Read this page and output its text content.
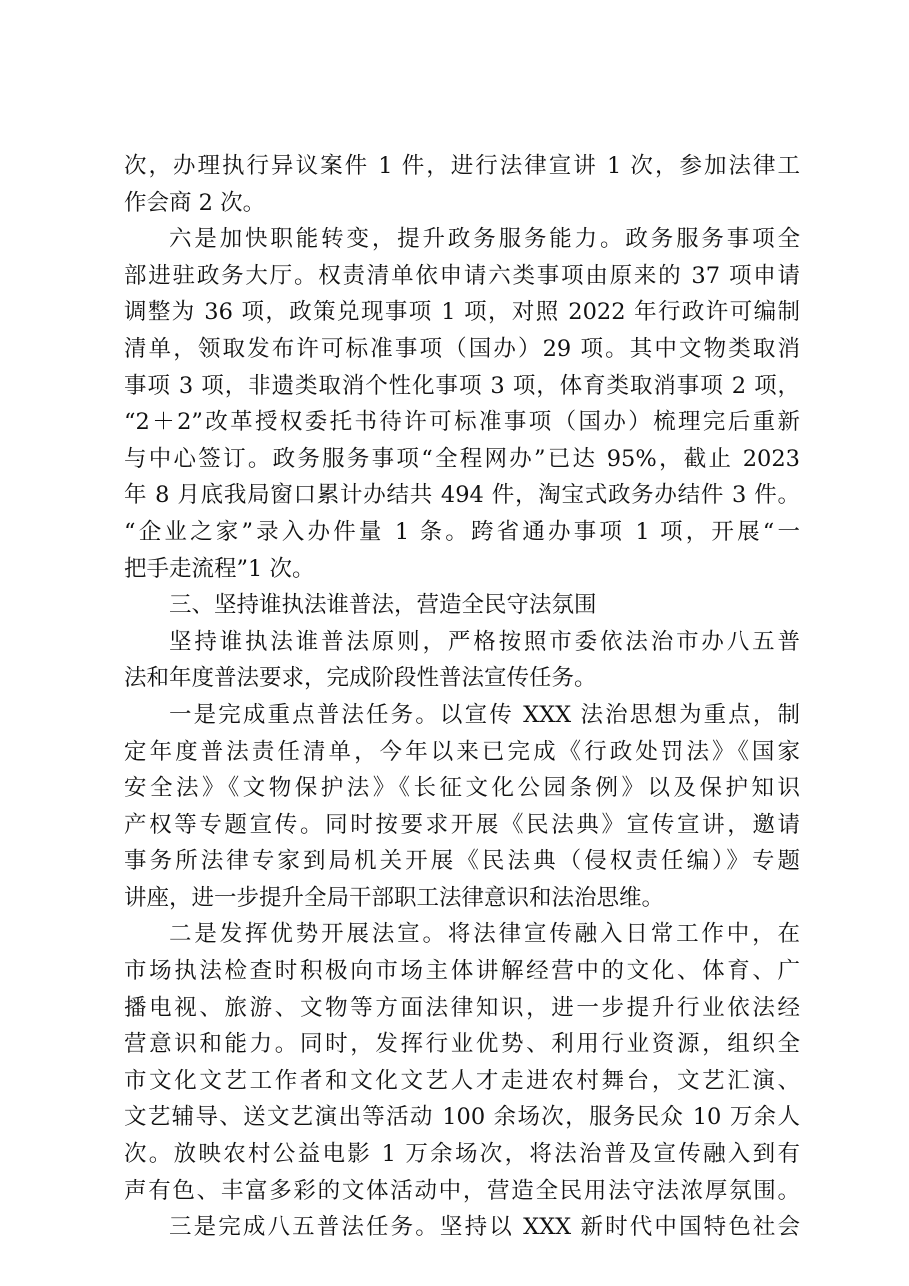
次，办理执行异议案件 1 件，进行法律宣讲 1 次，参加法律工
作会商 2 次。
六是加快职能转变，提升政务服务能力。政务服务事项全
部进驻政务大厅。权责清单依申请六类事项由原来的 37 项申请
调整为 36 项，政策兑现事项 1 项，对照 2022 年行政许可编制
清单，领取发布许可标准事项（国办）29 项。其中文物类取消
事项 3 项，非遗类取消个性化事项 3 项，体育类取消事项 2 项，
“2＋2”改革授权委托书待许可标准事项（国办）梳理完后重新
与中心签订。政务服务事项“全程网办”已达 95%，截止 2023
年 8 月底我局窗口累计办结共 494 件，淘宝式政务办结件 3 件。
“企业之家”录入办件量 1 条。跨省通办事项 1 项，开展“一
把手走流程”1 次。
三、坚持谁执法谁普法，营造全民守法氛围
坚持谁执法谁普法原则，严格按照市委依法治市办八五普
法和年度普法要求，完成阶段性普法宣传任务。
一是完成重点普法任务。以宣传 XXX 法治思想为重点，制
定年度普法责任清单，今年以来已完成《行政处罚法》《国家
安全法》《文物保护法》《长征文化公园条例》以及保护知识
产权等专题宣传。同时按要求开展《民法典》宣传宣讲，邀请
事务所法律专家到局机关开展《民法典（侵权责任编）》专题
讲座，进一步提升全局干部职工法律意识和法治思维。
二是发挥优势开展法宣。将法律宣传融入日常工作中，在
市场执法检查时积极向市场主体讲解经营中的文化、体育、广
播电视、旅游、文物等方面法律知识，进一步提升行业依法经
营意识和能力。同时，发挥行业优势、利用行业资源，组织全
市文化文艺工作者和文化文艺人才走进农村舞台，文艺汇演、
文艺辅导、送文艺演出等活动 100 余场次，服务民众 10 万余人
次。放映农村公益电影 1 万余场次，将法治普及宣传融入到有
声有色、丰富多彩的文体活动中，营造全民用法守法浓厚氛围。
三是完成八五普法任务。坚持以 XXX 新时代中国特色社会
